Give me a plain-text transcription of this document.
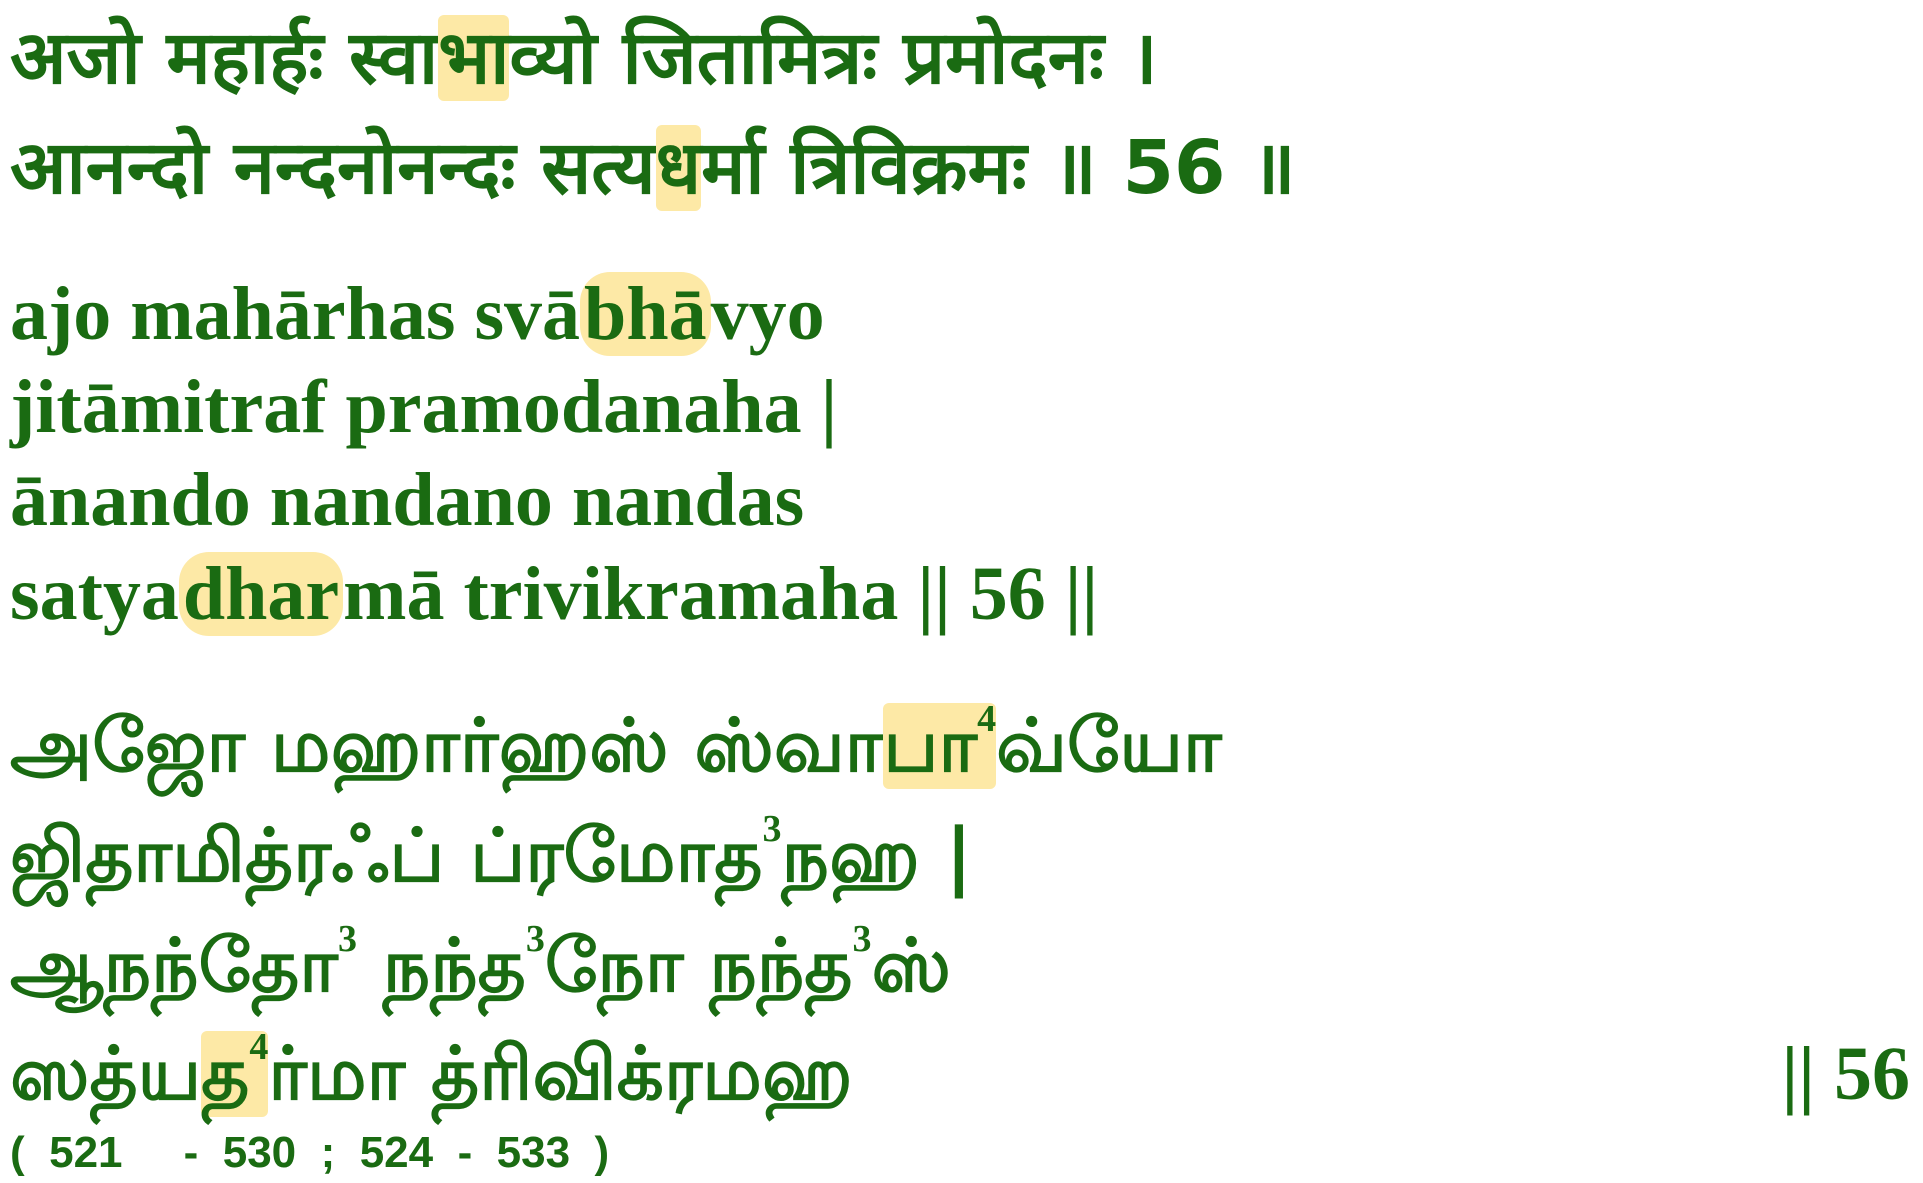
अजो महार्हः स्वाभाव्यो जितामित्रः प्रमोदनः ।
आनन्दो नन्दनोनन्दः सत्यधर्मा त्रिविक्रमः ॥ 56 ॥
ajo mahārhas svābhāvyo
jitāmitraf pramodanaha |
ānando nandano nandas
satyadharmā trivikramaha || 56 ||
அஜோ மஹார்ஹஸ் ஸ்வாபா$^4$வ்யோ
ஜிதாமித்ரஃப் ப்ரமோத$^3$நஹ |
ஆநந்தோ$^3$ நந்த$^3$நோ நந்த$^3$ஸ்
ஸத்யத$^4$ர்மா த்ரிவிக்ரமஹ	|| 56
(  521     -  530  ;  524  -  533  )
